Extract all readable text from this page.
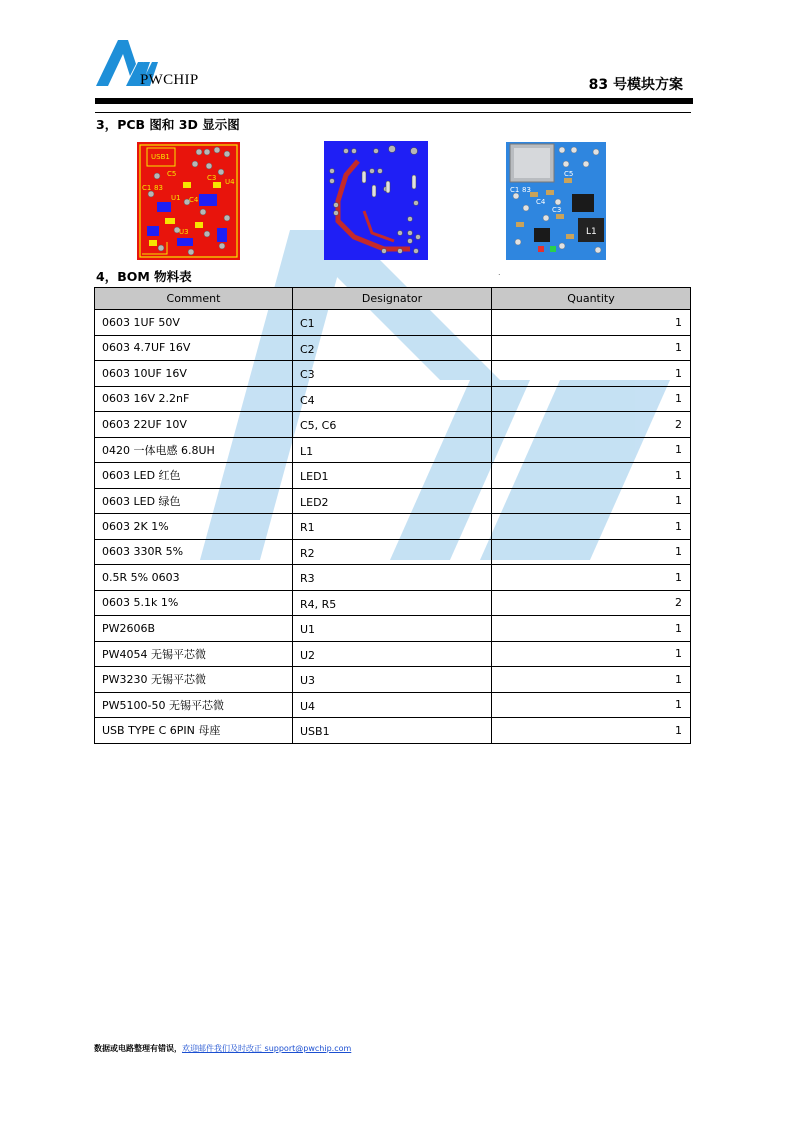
PWCHIP	83 号模块方案
3，PCB 图和 3D 显示图
USB1
C1 83
C3
C4
C5
U1
U3
U4
C1 83
C5
C3
C4
L1
4，BOM 物料表	.
Comment	Designator	Quantity
0603 1UF 50V	C1	1
0603 4.7UF 16V	C2	1
0603 10UF 16V	C3	1
0603 16V 2.2nF	C4	1
0603 22UF 10V	C5, C6	2
0420 一体电感 6.8UH	L1	1
0603 LED 红色	LED1	1
0603 LED 绿色	LED2	1
0603 2K 1%	R1	1
0603 330R 5%	R2	1
0.5R 5% 0603	R3	1
0603 5.1k 1%	R4, R5	2
PW2606B	U1	1
PW4054 无锡平芯微	U2	1
PW3230 无锡平芯微	U3	1
PW5100-50 无锡平芯微	U4	1
USB TYPE C 6PIN 母座	USB1	1
数据或电路整理有错误，欢迎邮件我们及时改正 support@pwchip.com
